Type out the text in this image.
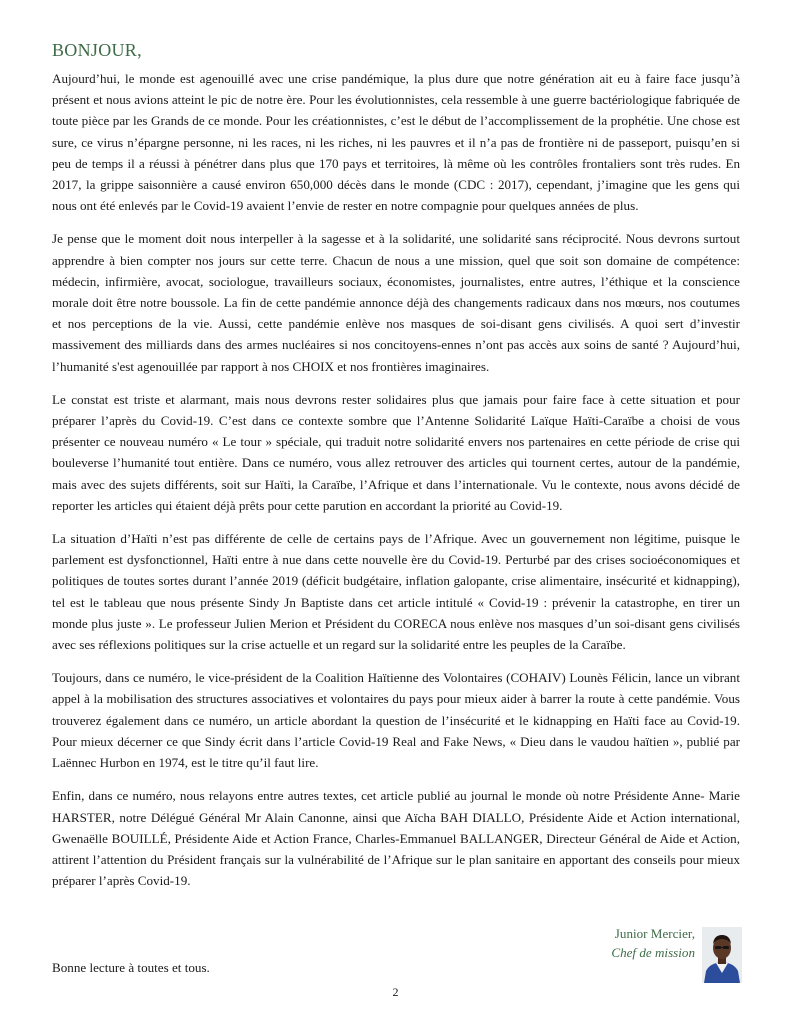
BONJOUR,

Aujourd’hui, le monde est agenouillé avec une crise pandémique, la plus dure que notre génération ait eu à faire face jusqu’à présent et nous avions atteint le pic de notre ère. Pour les évolutionnistes, cela ressemble à une guerre bactériologique fabriquée de toute pièce par les Grands de ce monde. Pour les créationnistes, c’est le début de l’accomplissement de la prophétie. Une chose est sure, ce virus n’épargne personne, ni les races, ni les riches, ni les pauvres et il n’a pas de frontière ni de passeport, puisqu’en si peu de temps il a réussi à pénétrer dans plus que 170 pays et territoires, là même où les contrôles frontaliers sont très rudes. En 2017, la grippe saisonnière a causé environ 650,000 décès dans le monde (CDC : 2017), cependant, j’imagine que les gens qui nous ont été enlevés par le Covid-19 avaient l’envie de rester en notre compagnie pour quelques années de plus.

Je pense que le moment doit nous interpeller à la sagesse et à la solidarité, une solidarité sans réciprocité. Nous devrons surtout apprendre à bien compter nos jours sur cette terre. Chacun de nous a une mission, quel que soit son domaine de compétence: médecin, infirmière, avocat, sociologue, travailleurs sociaux, économistes, journalistes, entre autres, l’éthique et la conscience morale doit être notre boussole. La fin de cette pandémie annonce déjà des changements radicaux dans nos mœurs, nos coutumes et nos perceptions de la vie. Aussi, cette pandémie enlève nos masques de soi-disant gens civilisés. A quoi sert d’investir massivement des milliards dans des armes nucléaires si nos concitoyens-ennes n’ont pas accès aux soins de santé ? Aujourd’hui, l’humanité s'est agenouillée par rapport à nos CHOIX et nos frontières imaginaires.

Le constat est triste et alarmant, mais nous devrons rester solidaires plus que jamais pour faire face à cette situation et pour préparer l’après du Covid-19. C’est dans ce contexte sombre que l’Antenne Solidarité Laïque Haïti-Caraïbe a choisi de vous présenter ce nouveau numéro « Le tour » spéciale, qui traduit notre solidarité envers nos partenaires en cette période de crise qui bouleverse l’humanité tout entière. Dans ce numéro, vous allez retrouver des articles qui tournent certes, autour de la pandémie, mais avec des sujets différents, soit sur Haïti, la Caraïbe, l’Afrique et dans l’internationale. Vu le contexte, nous avons décidé de reporter les articles qui étaient déjà prêts pour cette parution en accordant la priorité au Covid-19.

La situation d’Haïti n’est pas différente de celle de certains pays de l’Afrique. Avec un gouvernement non légitime, puisque le parlement est dysfonctionnel, Haïti entre à nue dans cette nouvelle ère du Covid-19. Perturbé par des crises socioéconomiques et politiques de toutes sortes durant l’année 2019 (déficit budgétaire, inflation galopante, crise alimentaire, insécurité et kidnapping), tel est le tableau que nous présente Sindy Jn Baptiste dans cet article intitulé « Covid-19 : prévenir la catastrophe, en tirer un monde plus juste ». Le professeur Julien Merion et Président du CORECA nous enlève nos masques d’un soi-disant gens civilisés avec ses réflexions politiques sur la crise actuelle et un regard sur la solidarité entre les peuples de la Caraïbe.

Toujours, dans ce numéro, le vice-président de la Coalition Haïtienne des Volontaires (COHAIV) Lounès Félicin, lance un vibrant appel à la mobilisation des structures associatives et volontaires du pays pour mieux aider à barrer la route à cette pandémie. Vous trouverez également dans ce numéro, un article abordant la question de l’insécurité et le kidnapping en Haïti face au Covid-19. Pour mieux décerner ce que Sindy écrit dans l’article Covid-19 Real and Fake News, « Dieu dans le vaudou haïtien », publié par Laënnec Hurbon en 1974, est le titre qu’il faut lire.

Enfin, dans ce numéro, nous relayons entre autres textes, cet article publié au journal le monde où notre Présidente Anne- Marie HARSTER, notre Délégué Général Mr Alain Canonne, ainsi que Aïcha BAH DIALLO, Présidente Aide et Action international, Gwenaëlle BOUILLÉ, Présidente Aide et Action France, Charles-Emmanuel BALLANGER, Directeur Général de Aide et Action, attirent l’attention du Président français sur la vulnérabilité de l’Afrique sur le plan sanitaire en apportant des conseils pour mieux préparer l’après Covid-19.

Bonne lecture à toutes et tous.

Junior Mercier,
Chef de mission

2
